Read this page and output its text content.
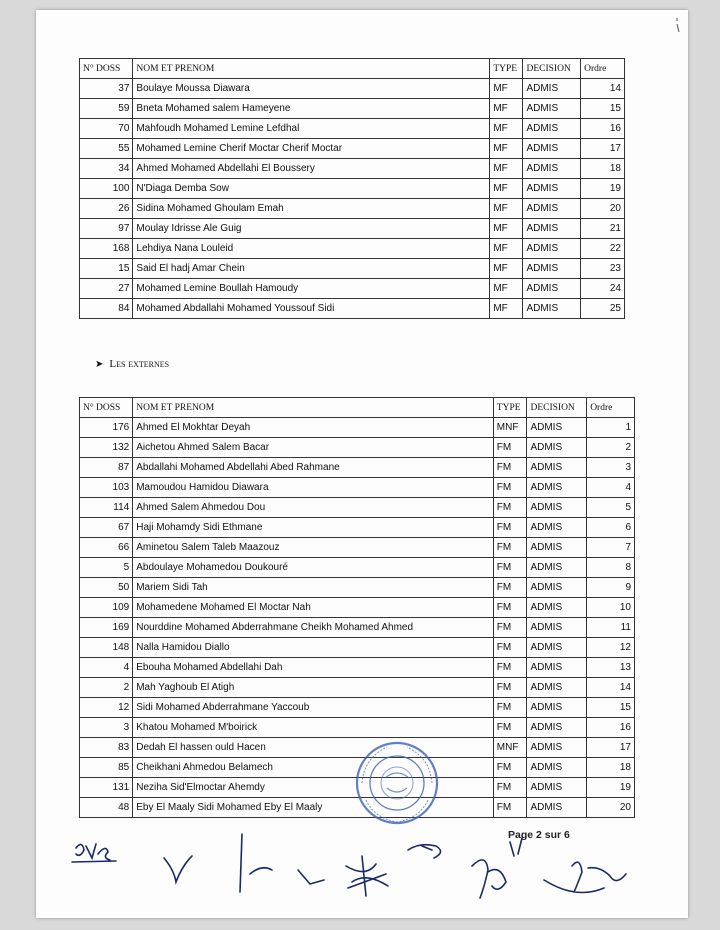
N° DOSS	NOM ET PRENOM	TYPE	DECISION	Ordre
37	Boulaye Moussa Diawara	MF	ADMIS	14
59	Bneta Mohamed salem Hameyene	MF	ADMIS	15
70	Mahfoudh Mohamed Lemine Lefdhal	MF	ADMIS	16
55	Mohamed Lemine Cherif Moctar Cherif Moctar	MF	ADMIS	17
34	Ahmed Mohamed Abdellahi El Boussery	MF	ADMIS	18
100	N'Diaga Demba Sow	MF	ADMIS	19
26	Sidina Mohamed Ghoulam Emah	MF	ADMIS	20
97	Moulay Idrisse Ale Guig	MF	ADMIS	21
168	Lehdiya Nana Louleid	MF	ADMIS	22
15	Said El hadj Amar Chein	MF	ADMIS	23
27	Mohamed Lemine Boullah Hamoudy	MF	ADMIS	24
84	Mohamed Abdallahi Mohamed Youssouf Sidi	MF	ADMIS	25
➤ Les externes
N° DOSS	NOM ET PRENOM	TYPE	DECISION	Ordre
176	Ahmed El Mokhtar Deyah	MNF	ADMIS	1
132	Aichetou Ahmed Salem Bacar	FM	ADMIS	2
87	Abdallahi Mohamed Abdellahi Abed Rahmane	FM	ADMIS	3
103	Mamoudou Hamidou Diawara	FM	ADMIS	4
114	Ahmed Salem Ahmedou Dou	FM	ADMIS	5
67	Haji Mohamdy Sidi Ethmane	FM	ADMIS	6
66	Aminetou Salem Taleb Maazouz	FM	ADMIS	7
5	Abdoulaye Mohamedou Doukouré	FM	ADMIS	8
50	Mariem Sidi Tah	FM	ADMIS	9
109	Mohamedene Mohamed El Moctar Nah	FM	ADMIS	10
169	Nourddine Mohamed Abderrahmane Cheikh Mohamed Ahmed	FM	ADMIS	11
148	Nalla Hamidou Diallo	FM	ADMIS	12
4	Ebouha Mohamed Abdellahi Dah	FM	ADMIS	13
2	Mah Yaghoub El Atigh	FM	ADMIS	14
12	Sidi Mohamed Abderrahmane Yaccoub	FM	ADMIS	15
3	Khatou Mohamed M'boirick	FM	ADMIS	16
83	Dedah El hassen ould Hacen	MNF	ADMIS	17
85	Cheikhani Ahmedou Belamech	FM	ADMIS	18
131	Neziha Sid'Elmoctar Ahemdy	FM	ADMIS	19
48	Eby El Maaly Sidi Mohamed Eby El Maaly	FM	ADMIS	20
Page 2 sur 6
